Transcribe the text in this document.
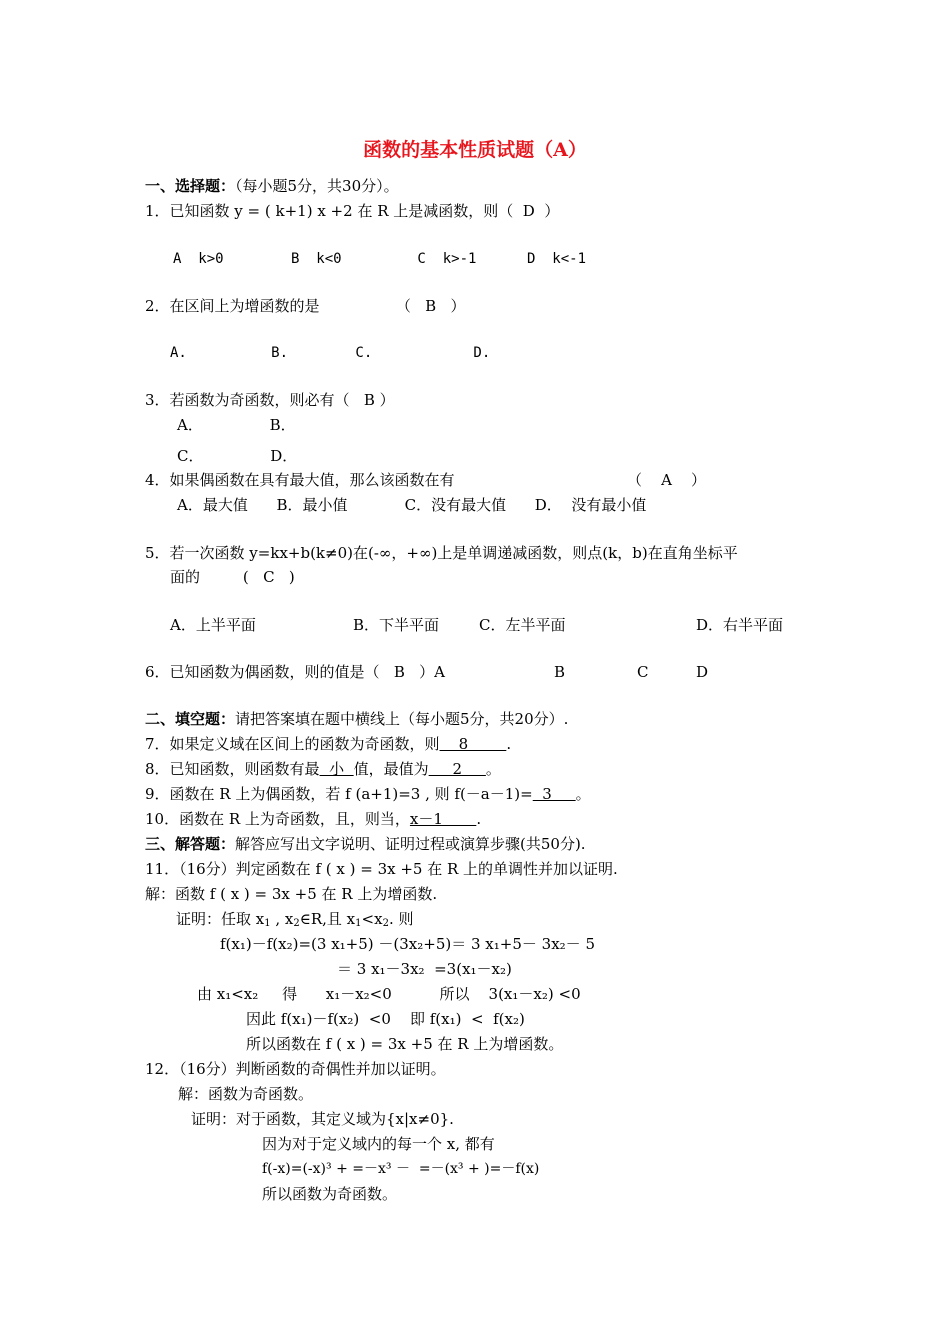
函数的基本性质试题（A）
一、选择题：（每小题5分，共30分）。
1．已知函数 y = ( k+1) x +2 在 R 上是减函数，则（  D  ）
A  k>0        B  k<0         C  k>-1      D  k<-1
2．在区间上为增函数的是                （   B   ）
A.          B.        C.            D.
3．若函数为奇函数，则必有（   B ）
A．              B．
C．              D．
4．如果偶函数在具有最大值，那么该函数在有	（    A    ）
A．最大值      B．最小值            C．没有最大值      D．  没有最小值
5．若一次函数 y=kx+b(k≠0)在(-∞，+∞)上是单调递减函数，则点(k，b)在直角坐标平
面的         (   C   )
A．上半平面	B．下半平面	C．左半平面	D．右半平面
6．已知函数为偶函数，则的值是（   B   ）A	B	C	D
二、填空题：请把答案填在题中横线上（每小题5分，共20分）.
7．如果定义域在区间上的函数为奇函数，则    8        .
8．已知函数，则函数有最  小  值，最值为     2     。
9．函数在 R 上为偶函数，若 f (a+1)=3 , 则 f(－a－1)=  3     。
10．函数在 R 上为奇函数，且，则当，x－1       .
三、解答题：解答应写出文字说明、证明过程或演算步骤(共50分).
11．（16分）判定函数在 f ( x ) = 3x +5 在 R 上的单调性并加以证明.
解：函数 f ( x ) = 3x +5 在 R 上为增函数.
证明：任取 $x_1$ , $x_2\in R$,且 $x_1<x_2$. 则
f(x₁)－f(x₂)=(3 x₁+5) －(3x₂+5)＝ 3 x₁+5－ 3x₂－ 5
＝ 3 x₁－3x₂  =3(x₁－x₂)
由 x₁<x₂     得      x₁－x₂<0          所以    3(x₁－x₂) <0
因此 f(x₁)－f(x₂)  <0    即 f(x₁)  <  f(x₂)
所以函数在 f ( x ) = 3x +5 在 R 上为增函数。
12．（16分）判断函数的奇偶性并加以证明。
解：函数为奇函数。
证明：对于函数，其定义域为{x|x≠0}.
因为对于定义域内的每一个 x, 都有
f(-x)=(-x)³ + =－x³ －  =－(x³ + )=－f(x)
所以函数为奇函数。
